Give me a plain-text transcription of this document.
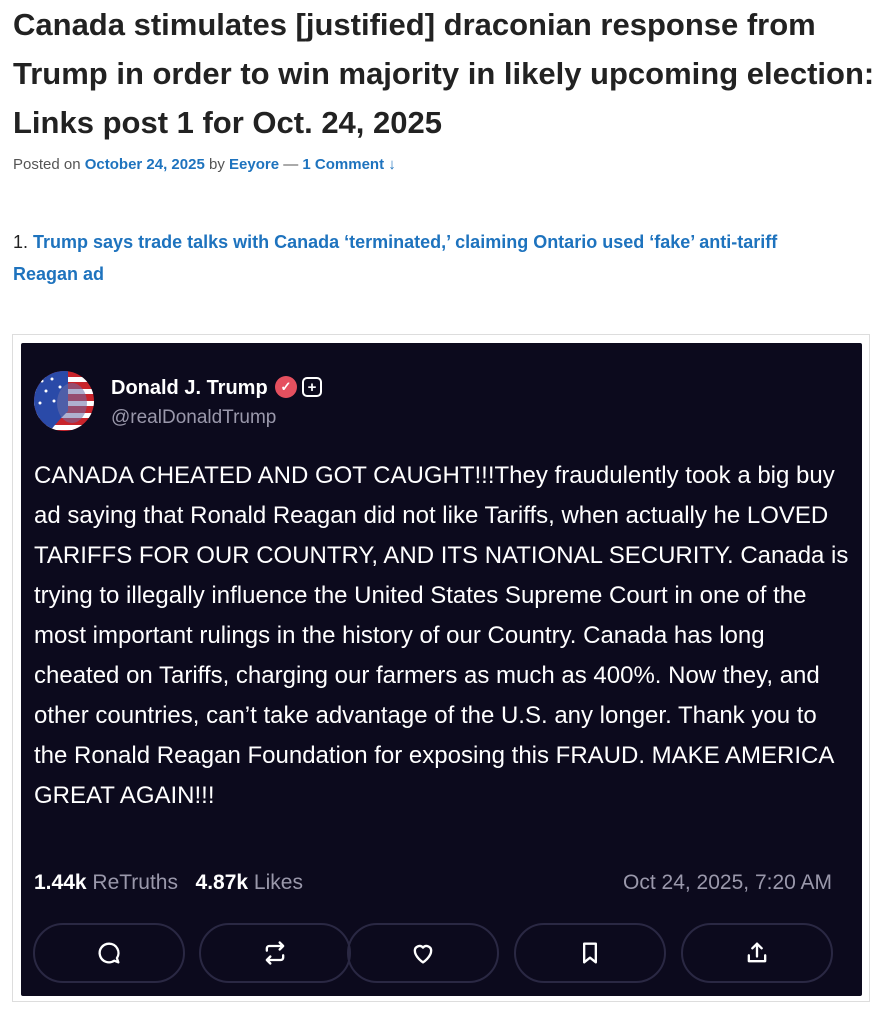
Canada stimulates [justified] draconian response from Trump in order to win majority in likely upcoming election: Links post 1 for Oct. 24, 2025
Posted on October 24, 2025 by Eeyore — 1 Comment ↓
1. Trump says trade talks with Canada ‘terminated,’ claiming Ontario used ‘fake’ anti-tariff Reagan ad
Donald J. Trump ✓	+
@realDonaldTrump

CANADA CHEATED AND GOT CAUGHT!!!They fraudulently took a big buy ad saying that Ronald Reagan did not like Tariffs, when actually he LOVED TARIFFS FOR OUR COUNTRY, AND ITS NATIONAL SECURITY. Canada is trying to illegally influence the United States Supreme Court in one of the most important rulings in the history of our Country. Canada has long cheated on Tariffs, charging our farmers as much as 400%. Now they, and other countries, can’t take advantage of the U.S. any longer. Thank you to the Ronald Reagan Foundation for exposing this FRAUD. MAKE AMERICA GREAT AGAIN!!!

1.44k ReTruths 4.87k Likes	Oct 24, 2025, 7:20 AM
